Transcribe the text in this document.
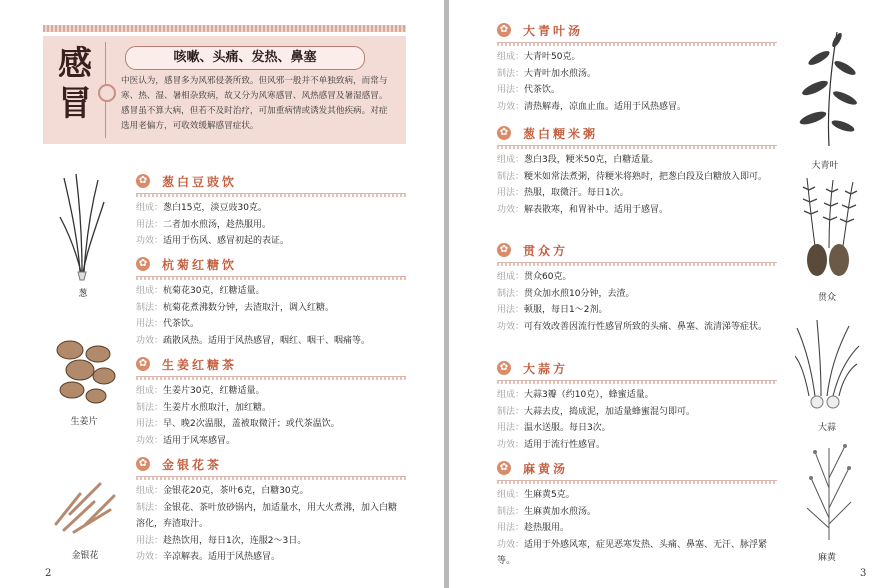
感冒
咳嗽、头痛、发热、鼻塞
中医认为，感冒多为风邪侵袭所致。但风邪一般并不单独致病，而常与寒、热、湿、暑相杂致病，故又分为风寒感冒、风热感冒及暑湿感冒。感冒虽不算大病，但若不及时治疗，可加重病情或诱发其他疾病。对症选用老偏方，可收效缓解感冒症状。
葱
生姜片
金银花
✿ 葱白豆豉饮
组成 ： 葱白15克，淡豆豉30克。
用法 ： 二者加水煎汤，趁热服用。
功效 ： 适用于伤风、感冒初起的表证。
✿ 杭菊红糖饮
组成 ： 杭菊花30克，红糖适量。
制法 ： 杭菊花煮沸数分钟，去渣取汁，调入红糖。
用法 ： 代茶饮。
功效 ： 疏散风热。适用于风热感冒，咽红、咽干、咽痛等。
✿ 生姜红糖茶
组成 ： 生姜片30克，红糖适量。
制法 ： 生姜片水煎取汁，加红糖。
用法 ： 早、晚2次温服，盖被取微汗；或代茶温饮。
功效 ： 适用于风寒感冒。
✿ 金银花茶
组成 ： 金银花20克，茶叶6克，白糖30克。
制法 ： 金银花、茶叶放砂锅内，加适量水，用大火煮沸，加入白糖溶化，弃渣取汁。
用法 ： 趁热饮用，每日1次，连服2～3日。
功效 ： 辛凉解表。适用于风热感冒。
2
✿ 大青叶汤
组成 ： 大青叶50克。
制法 ： 大青叶加水煎汤。
用法 ： 代茶饮。
功效 ： 清热解毒，凉血止血。适用于风热感冒。
✿ 葱白粳米粥
组成 ： 葱白3段，粳米50克，白糖适量。
制法 ： 粳米如常法煮粥，待粳米将熟时，把葱白段及白糖放入即可。
用法 ： 热服，取微汗。每日1次。
功效 ： 解表散寒，和胃补中。适用于感冒。
✿ 贯众方
组成 ： 贯众60克。
制法 ： 贯众加水煎10分钟，去渣。
用法 ： 顿服，每日1～2剂。
功效 ： 可有效改善因流行性感冒所致的头痛、鼻塞、流清涕等症状。
✿ 大蒜方
组成 ： 大蒜3瓣（约10克），蜂蜜适量。
制法 ： 大蒜去皮，捣成泥，加适量蜂蜜混匀即可。
用法 ： 温水送服。每日3次。
功效 ： 适用于流行性感冒。
✿ 麻黄汤
组成 ： 生麻黄5克。
制法 ： 生麻黄加水煎汤。
用法 ： 趁热服用。
功效 ： 适用于外感风寒，症见恶寒发热、头痛、鼻塞、无汗、脉浮紧等。
大青叶
贯众
大蒜
麻黄
3
